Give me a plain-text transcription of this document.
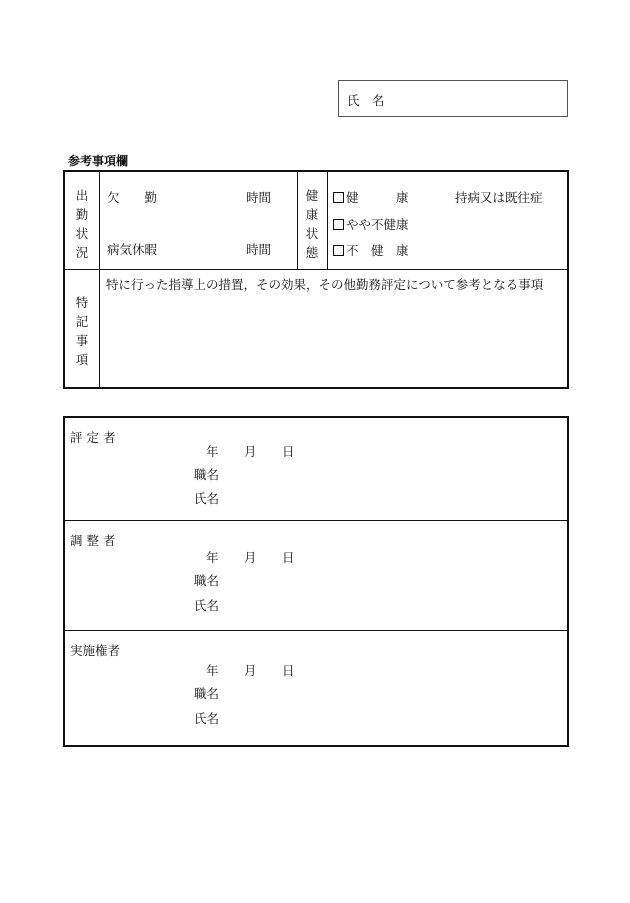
氏　名
参考事項欄
出
勤
状
況
欠　　勤	時間
病気休暇	時間
健
康
状
態
健　　　康
やや不健康
不　健　康
持病又は既往症
特
記
事
項
特に行った指導上の措置，その効果，その他勤務評定について参考となる事項
評 定 者
年 月 日
職名
氏名
調 整 者
年 月 日
職名
氏名
実施権者
年 月 日
職名
氏名
